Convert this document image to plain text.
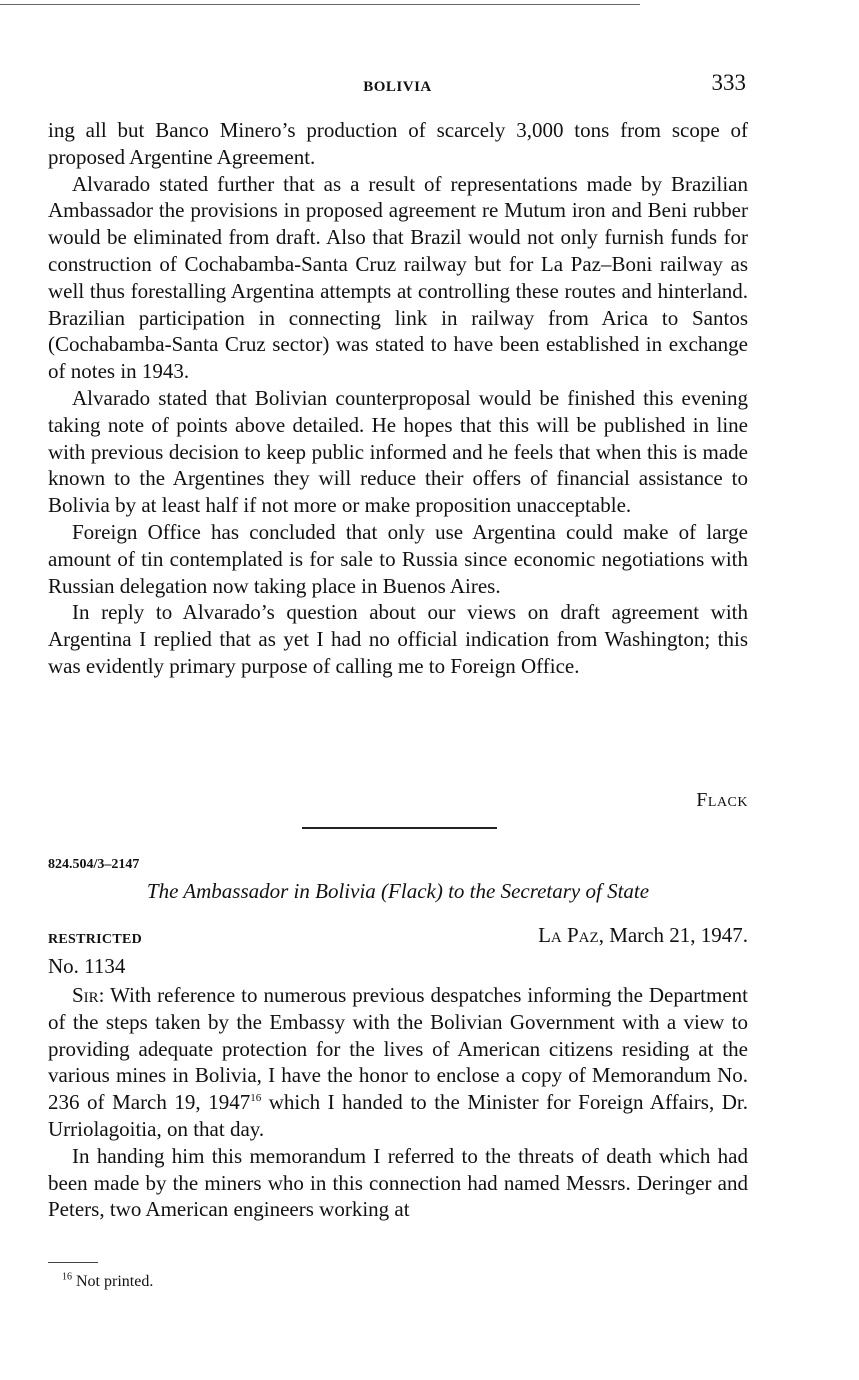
BOLIVIA	333

ing all but Banco Minero’s production of scarcely 3,000 tons from scope of proposed Argentine Agreement.

Alvarado stated further that as a result of representations made by Brazilian Ambassador the provisions in proposed agreement re Mutum iron and Beni rubber would be eliminated from draft. Also that Brazil would not only furnish funds for construction of Cochabamba-Santa Cruz railway but for La Paz–Boni railway as well thus forestalling Argentina attempts at controlling these routes and hinterland. Brazilian participation in connecting link in railway from Arica to Santos (Cochabamba-Santa Cruz sector) was stated to have been established in exchange of notes in 1943.

Alvarado stated that Bolivian counterproposal would be finished this evening taking note of points above detailed. He hopes that this will be published in line with previous decision to keep public informed and he feels that when this is made known to the Argentines they will reduce their offers of financial assistance to Bolivia by at least half if not more or make proposition unacceptable.

Foreign Office has concluded that only use Argentina could make of large amount of tin contemplated is for sale to Russia since economic negotiations with Russian delegation now taking place in Buenos Aires.

In reply to Alvarado’s question about our views on draft agreement with Argentina I replied that as yet I had no official indication from Washington; this was evidently primary purpose of calling me to Foreign Office.

Flack
824.504/3–2147
The Ambassador in Bolivia (Flack) to the Secretary of State
RESTRICTED	La Paz, March 21, 1947.
No. 1134

Sir: With reference to numerous previous despatches informing the Department of the steps taken by the Embassy with the Bolivian Government with a view to providing adequate protection for the lives of American citizens residing at the various mines in Bolivia, I have the honor to enclose a copy of Memorandum No. 236 of March 19, 1947$^{16}$ which I handed to the Minister for Foreign Affairs, Dr. Urriolagoitia, on that day.

In handing him this memorandum I referred to the threats of death which had been made by the miners who in this connection had named Messrs. Deringer and Peters, two American engineers working at

$^{16}$ Not printed.
